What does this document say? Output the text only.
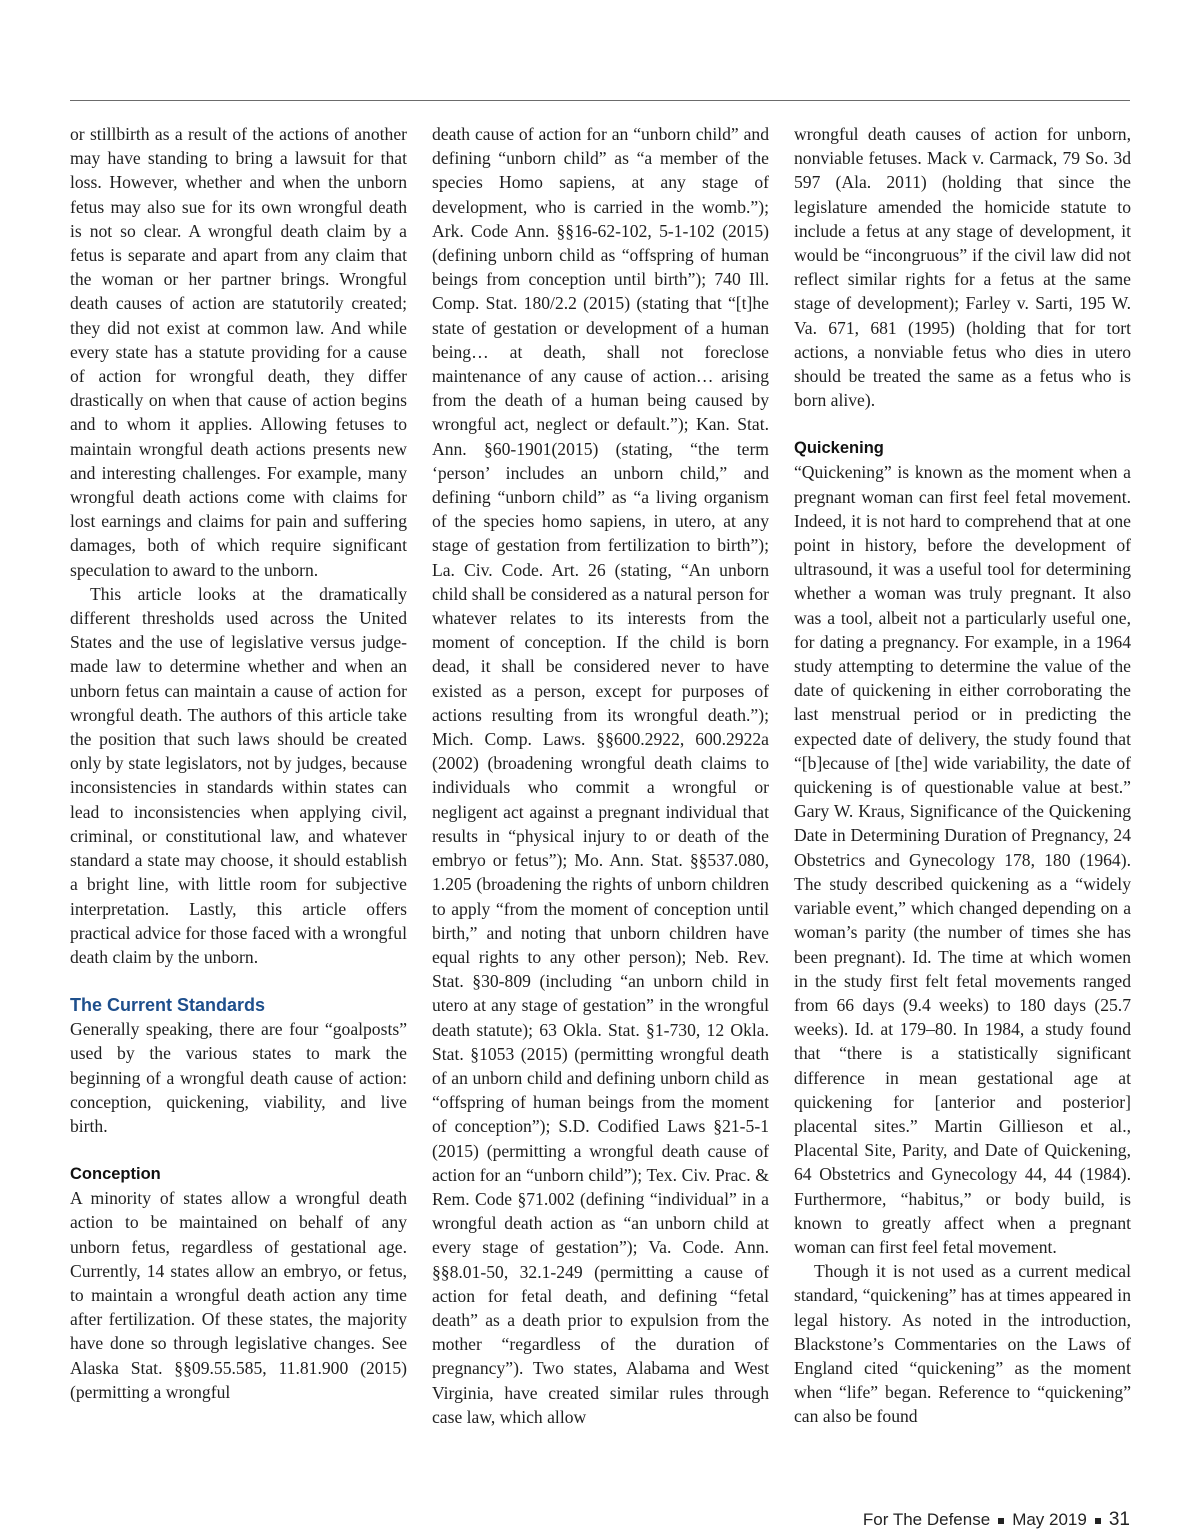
or stillbirth as a result of the actions of another may have standing to bring a lawsuit for that loss. However, whether and when the unborn fetus may also sue for its own wrongful death is not so clear. A wrongful death claim by a fetus is separate and apart from any claim that the woman or her partner brings. Wrongful death causes of action are statutorily created; they did not exist at common law. And while every state has a statute providing for a cause of action for wrongful death, they differ drastically on when that cause of action begins and to whom it applies. Allowing fetuses to maintain wrongful death actions presents new and interesting challenges. For example, many wrongful death actions come with claims for lost earnings and claims for pain and suffering damages, both of which require significant speculation to award to the unborn.

This article looks at the dramatically different thresholds used across the United States and the use of legislative versus judge-made law to determine whether and when an unborn fetus can maintain a cause of action for wrongful death. The authors of this article take the position that such laws should be created only by state legislators, not by judges, because inconsistencies in standards within states can lead to inconsistencies when applying civil, criminal, or constitutional law, and whatever standard a state may choose, it should establish a bright line, with little room for subjective interpretation. Lastly, this article offers practical advice for those faced with a wrongful death claim by the unborn.

The Current Standards

Generally speaking, there are four “goalposts” used by the various states to mark the beginning of a wrongful death cause of action: conception, quickening, viability, and live birth.

Conception

A minority of states allow a wrongful death action to be maintained on behalf of any unborn fetus, regardless of gestational age. Currently, 14 states allow an embryo, or fetus, to maintain a wrongful death action any time after fertilization. Of these states, the majority have done so through legislative changes. See Alaska Stat. §§09.55.585, 11.81.900 (2015) (permitting a wrongful

death cause of action for an “unborn child” and defining “unborn child” as “a member of the species Homo sapiens, at any stage of development, who is carried in the womb.”); Ark. Code Ann. §§16-62-102, 5-1-102 (2015) (defining unborn child as “offspring of human beings from conception until birth”); 740 Ill. Comp. Stat. 180/2.2 (2015) (stating that “[t]he state of gestation or development of a human being… at death, shall not foreclose maintenance of any cause of action… arising from the death of a human being caused by wrongful act, neglect or default.”); Kan. Stat. Ann. §60-1901(2015) (stating, “the term ‘person’ includes an unborn child,” and defining “unborn child” as “a living organism of the species homo sapiens, in utero, at any stage of gestation from fertilization to birth”); La. Civ. Code. Art. 26 (stating, “An unborn child shall be considered as a natural person for whatever relates to its interests from the moment of conception. If the child is born dead, it shall be considered never to have existed as a person, except for purposes of actions resulting from its wrongful death.”); Mich. Comp. Laws. §§600.2922, 600.2922a (2002) (broadening wrongful death claims to individuals who commit a wrongful or negligent act against a pregnant individual that results in “physical injury to or death of the embryo or fetus”); Mo. Ann. Stat. §§537.080, 1.205 (broadening the rights of unborn children to apply “from the moment of conception until birth,” and noting that unborn children have equal rights to any other person); Neb. Rev. Stat. §30-809 (including “an unborn child in utero at any stage of gestation” in the wrongful death statute); 63 Okla. Stat. §1-730, 12 Okla. Stat. §1053 (2015) (permitting wrongful death of an unborn child and defining unborn child as “offspring of human beings from the moment of conception”); S.D. Codified Laws §21-5-1 (2015) (permitting a wrongful death cause of action for an “unborn child”); Tex. Civ. Prac. & Rem. Code §71.002 (defining “individual” in a wrongful death action as “an unborn child at every stage of gestation”); Va. Code. Ann. §§8.01-50, 32.1-249 (permitting a cause of action for fetal death, and defining “fetal death” as a death prior to expulsion from the mother “regardless of the duration of pregnancy”). Two states, Alabama and West Virginia, have created similar rules through case law, which allow

wrongful death causes of action for unborn, nonviable fetuses. Mack v. Carmack, 79 So. 3d 597 (Ala. 2011) (holding that since the legislature amended the homicide statute to include a fetus at any stage of development, it would be “incongruous” if the civil law did not reflect similar rights for a fetus at the same stage of development); Farley v. Sarti, 195 W. Va. 671, 681 (1995) (holding that for tort actions, a nonviable fetus who dies in utero should be treated the same as a fetus who is born alive).

Quickening

“Quickening” is known as the moment when a pregnant woman can first feel fetal movement. Indeed, it is not hard to comprehend that at one point in history, before the development of ultrasound, it was a useful tool for determining whether a woman was truly pregnant. It also was a tool, albeit not a particularly useful one, for dating a pregnancy. For example, in a 1964 study attempting to determine the value of the date of quickening in either corroborating the last menstrual period or in predicting the expected date of delivery, the study found that “[b]ecause of [the] wide variability, the date of quickening is of questionable value at best.” Gary W. Kraus, Significance of the Quickening Date in Determining Duration of Pregnancy, 24 Obstetrics and Gynecology 178, 180 (1964). The study described quickening as a “widely variable event,” which changed depending on a woman’s parity (the number of times she has been pregnant). Id. The time at which women in the study first felt fetal movements ranged from 66 days (9.4 weeks) to 180 days (25.7 weeks). Id. at 179–80. In 1984, a study found that “there is a statistically significant difference in mean gestational age at quickening for [anterior and posterior] placental sites.” Martin Gillieson et al., Placental Site, Parity, and Date of Quickening, 64 Obstetrics and Gynecology 44, 44 (1984). Furthermore, “habitus,” or body build, is known to greatly affect when a pregnant woman can first feel fetal movement.

Though it is not used as a current medical standard, “quickening” has at times appeared in legal history. As noted in the introduction, Blackstone’s Commentaries on the Laws of England cited “quickening” as the moment when “life” began. Reference to “quickening” can also be found

For The Defense May 2019 31
